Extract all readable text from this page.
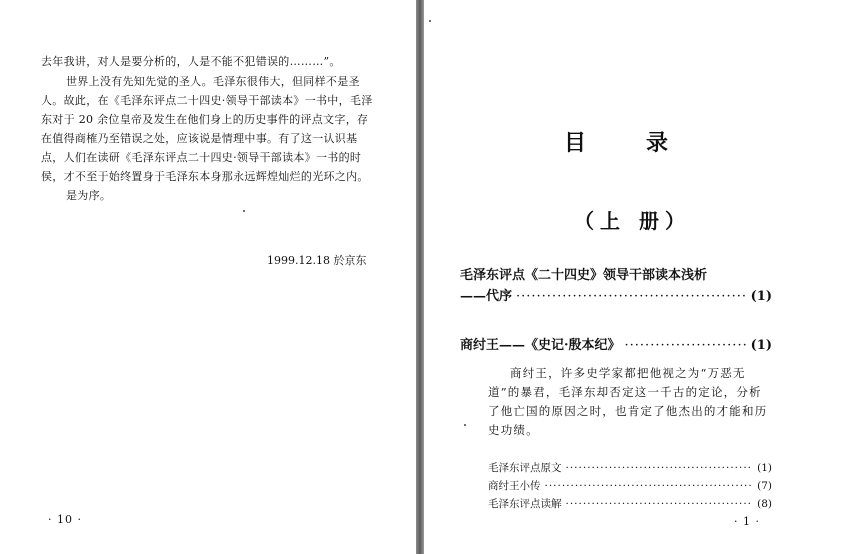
去年我讲，对人是要分析的，人是不能不犯错误的………”。
世界上没有先知先觉的圣人。毛泽东很伟大，但同样不是圣
人。故此，在《毛泽东评点二十四史·领导干部读本》一书中，毛泽
东对于 20 余位皇帝及发生在他们身上的历史事件的评点文字，存
在值得商榷乃至错误之处，应该说是情理中事。有了这一认识基
点，人们在读研《毛泽东评点二十四史·领导干部读本》一书的时
侯，才不至于始终置身于毛泽东本身那永远辉煌灿烂的光环之内。
是为序。
1999.12.18 於京东
· 10 ·
目录
（上 册）
毛泽东评点《二十四史》领导干部读本浅析
——代序 ·····	(1)
商纣王——《史记·殷本纪》 ·····	(1)
商纣王，许多史学家都把他视之为“万恶无
道”的暴君，毛泽东却否定这一千古的定论，分析
了他亡国的原因之时，也肯定了他杰出的才能和历
史功绩。
毛泽东评点原文 ·····	(1)
商纣王小传 ·····	(7)
毛泽东评点读解 ·····	(8)
· 1 ·
